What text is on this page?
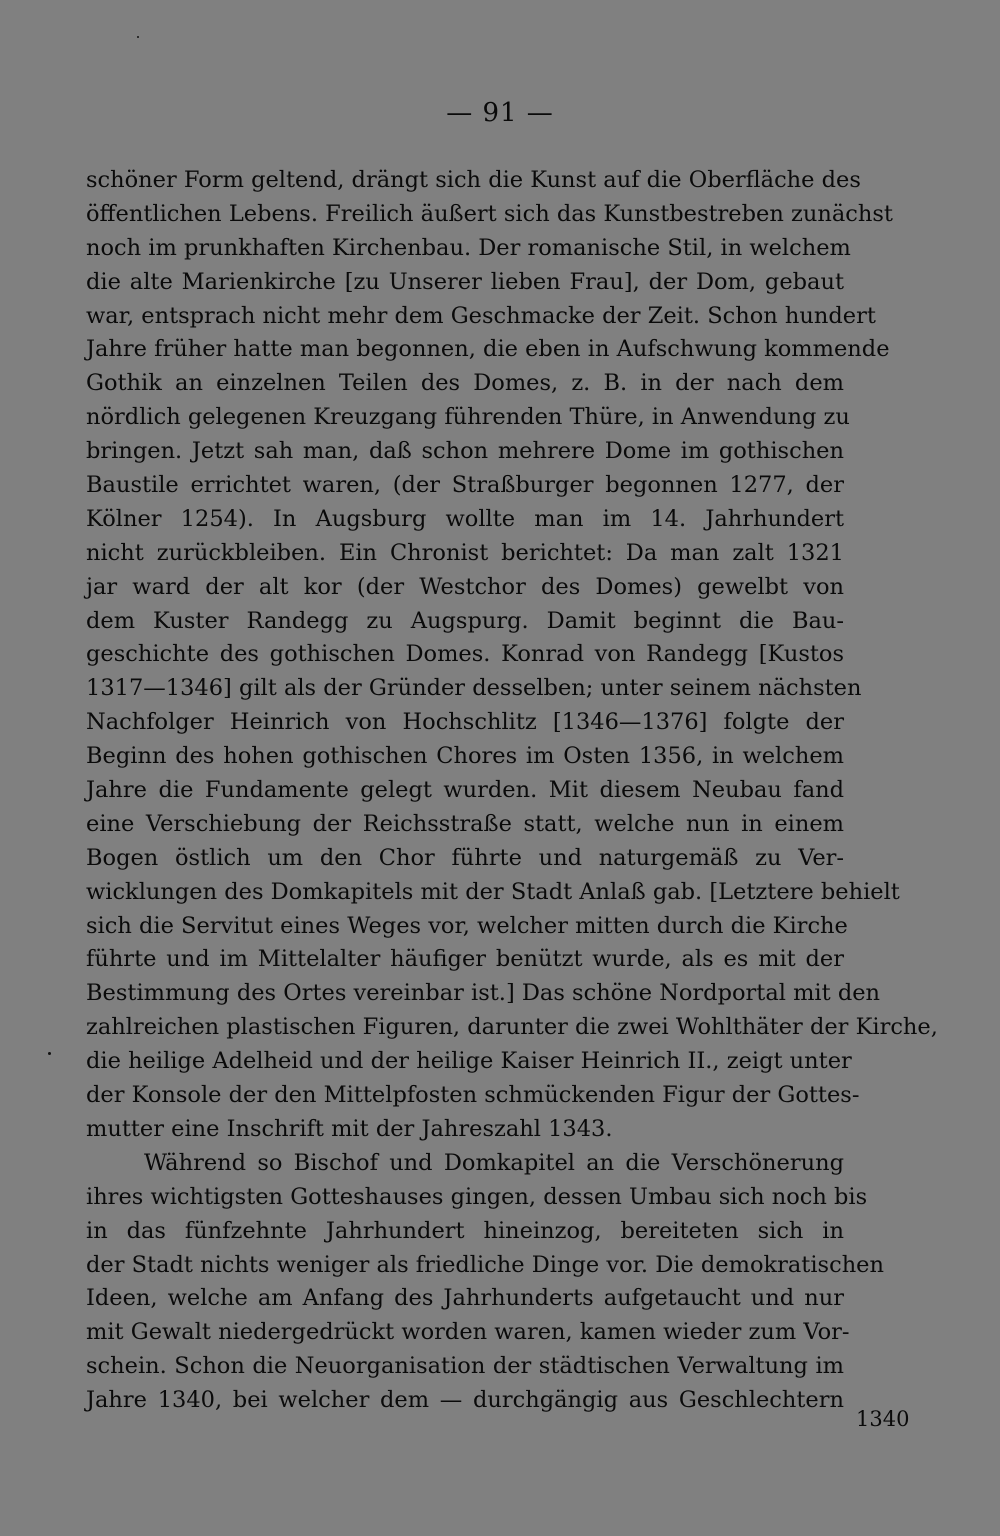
— 91 —
schöner Form geltend, drängt sich die Kunst auf die Oberfläche des
öffentlichen Lebens. Freilich äußert sich das Kunstbestreben zunächst
noch im prunkhaften Kirchenbau. Der romanische Stil, in welchem
die alte Marienkirche [zu Unserer lieben Frau], der Dom, gebaut
war, entsprach nicht mehr dem Geschmacke der Zeit. Schon hundert
Jahre früher hatte man begonnen, die eben in Aufschwung kommende
Gothik an einzelnen Teilen des Domes, z. B. in der nach dem
nördlich gelegenen Kreuzgang führenden Thüre, in Anwendung zu
bringen. Jetzt sah man, daß schon mehrere Dome im gothischen
Baustile errichtet waren, (der Straßburger begonnen 1277, der
Kölner 1254). In Augsburg wollte man im 14. Jahrhundert
nicht zurückbleiben. Ein Chronist berichtet: Da man zalt 1321
jar ward der alt kor (der Westchor des Domes) gewelbt von
dem Kuster Randegg zu Augspurg. Damit beginnt die Bau-
geschichte des gothischen Domes. Konrad von Randegg [Kustos
1317—1346] gilt als der Gründer desselben; unter seinem nächsten
Nachfolger Heinrich von Hochschlitz [1346—1376] folgte der
Beginn des hohen gothischen Chores im Osten 1356, in welchem
Jahre die Fundamente gelegt wurden. Mit diesem Neubau fand
eine Verschiebung der Reichsstraße statt, welche nun in einem
Bogen östlich um den Chor führte und naturgemäß zu Ver-
wicklungen des Domkapitels mit der Stadt Anlaß gab. [Letztere behielt
sich die Servitut eines Weges vor, welcher mitten durch die Kirche
führte und im Mittelalter häufiger benützt wurde, als es mit der
Bestimmung des Ortes vereinbar ist.] Das schöne Nordportal mit den
zahlreichen plastischen Figuren, darunter die zwei Wohlthäter der Kirche,
die heilige Adelheid und der heilige Kaiser Heinrich II., zeigt unter
der Konsole der den Mittelpfosten schmückenden Figur der Gottes-
mutter eine Inschrift mit der Jahreszahl 1343.
Während so Bischof und Domkapitel an die Verschönerung
ihres wichtigsten Gotteshauses gingen, dessen Umbau sich noch bis
in das fünfzehnte Jahrhundert hineinzog, bereiteten sich in
der Stadt nichts weniger als friedliche Dinge vor. Die demokratischen
Ideen, welche am Anfang des Jahrhunderts aufgetaucht und nur
mit Gewalt niedergedrückt worden waren, kamen wieder zum Vor-
schein. Schon die Neuorganisation der städtischen Verwaltung im
Jahre 1340, bei welcher dem — durchgängig aus Geschlechtern
1340
